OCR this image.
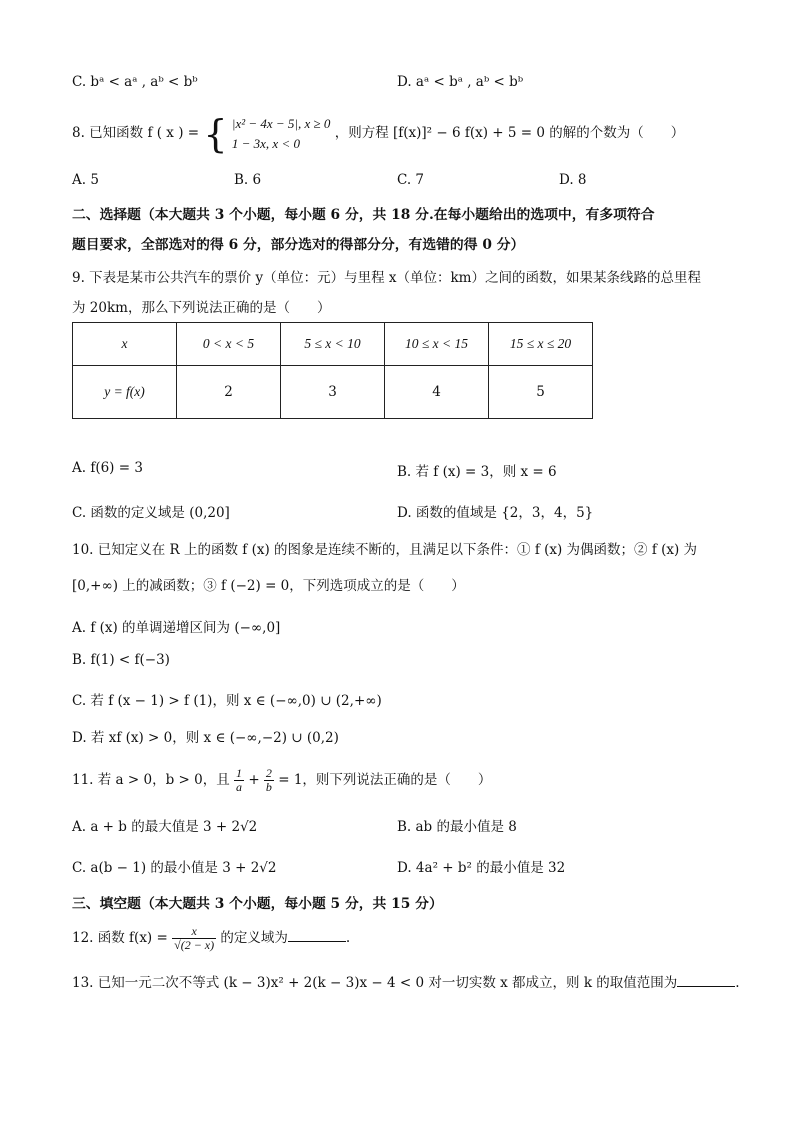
C. bᵃ < aᵃ , aᵇ < bᵇ	D. aᵃ < bᵃ , aᵇ < bᵇ
8. 已知函数 f ( x ) = { |x² − 4x − 5|, x ≥ 0
1 − 3x, x < 0
，则方程 [f(x)]² − 6 f(x) + 5 = 0 的解的个数为（　　）
A. 5	B. 6	C. 7	D. 8
二、选择题（本大题共 3 个小题，每小题 6 分，共 18 分.在每小题给出的选项中，有多项符合
题目要求，全部选对的得 6 分，部分选对的得部分分，有选错的得 0 分）
9. 下表是某市公共汽车的票价 y（单位：元）与里程 x（单位：km）之间的函数，如果某条线路的总里程
为 20km，那么下列说法正确的是（　　）
x	0 < x < 5	5 ≤ x < 10	10 ≤ x < 15	15 ≤ x ≤ 20
y = f(x)	2	3	4	5
A. f(6) = 3	B. 若 f (x) = 3，则 x = 6
C. 函数的定义域是 (0,20]	D. 函数的值域是 {2，3，4，5}
10. 已知定义在 R 上的函数 f (x) 的图象是连续不断的，且满足以下条件：① f (x) 为偶函数；② f (x) 为
[0,+∞) 上的减函数；③ f (−2) = 0，下列选项成立的是（　　）
A. f (x) 的单调递增区间为 (−∞,0]
B. f(1) < f(−3)
C. 若 f (x − 1) > f (1)，则 x ∈ (−∞,0) ∪ (2,+∞)
D. 若 xf (x) > 0，则 x ∈ (−∞,−2) ∪ (0,2)
11. 若 a > 0，b > 0，且 $\frac{1}{a} + \frac{2}{b} = 1$，则下列说法正确的是（　　）
A. a + b 的最大值是 3 + 2√2	B. ab 的最小值是 8
C. a(b − 1) 的最小值是 3 + 2√2	D. 4a² + b² 的最小值是 32
三、填空题（本大题共 3 个小题，每小题 5 分，共 15 分）
12. 函数 $f(x) = \frac{x}{√(2 - x)}$ 的定义域为	.
13. 已知一元二次不等式 (k − 3)x² + 2(k − 3)x − 4 < 0 对一切实数 x 都成立，则 k 的取值范围为	.
